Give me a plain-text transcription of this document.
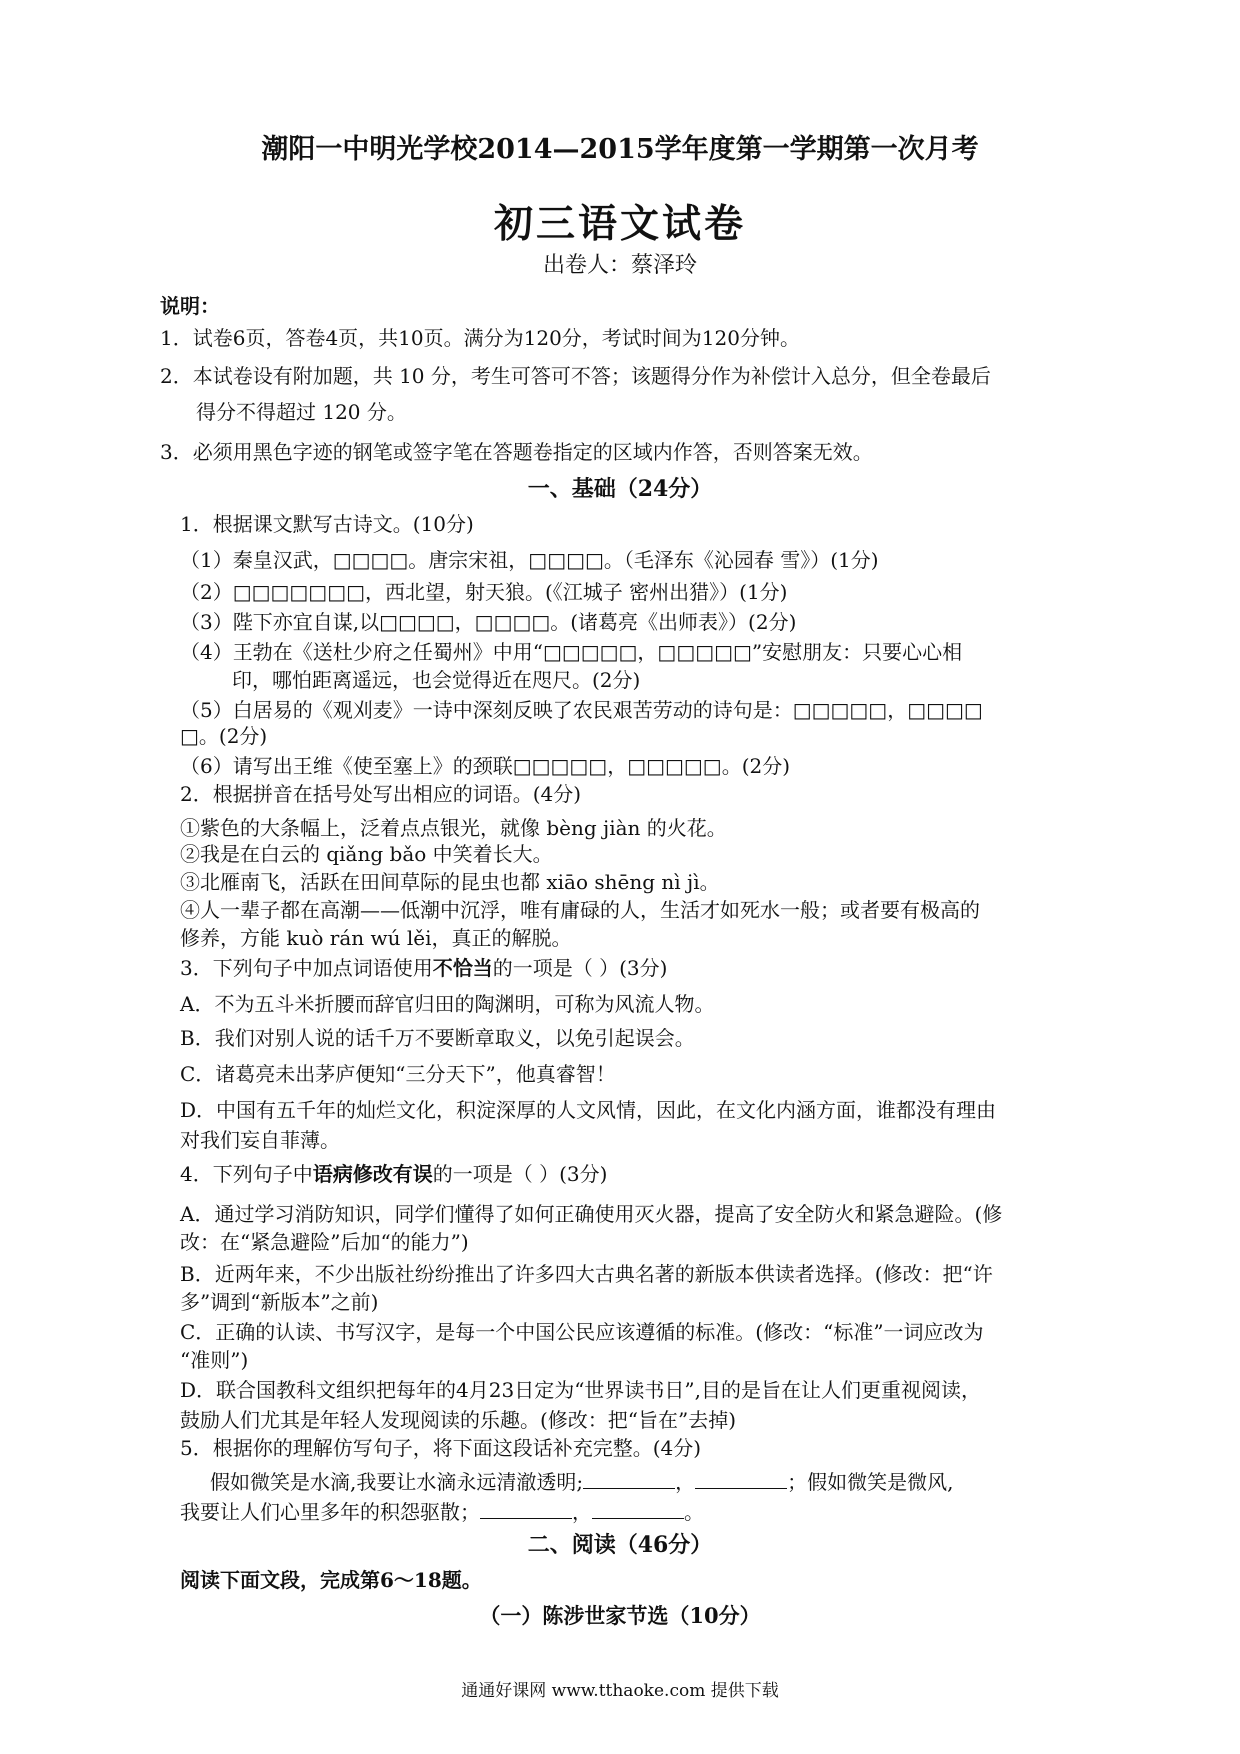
潮阳一中明光学校2014—2015学年度第一学期第一次月考
初三语文试卷
出卷人：蔡泽玲
说明：
1．试卷6页，答卷4页，共10页。满分为120分，考试时间为120分钟。
2．本试卷设有附加题，共 10 分，考生可答可不答；该题得分作为补偿计入总分，但全卷最后
得分不得超过 120 分。
3．必须用黑色字迹的钢笔或签字笔在答题卷指定的区域内作答，否则答案无效。
一、基础（24分）
1．根据课文默写古诗文。(10分)
（1）秦皇汉武，□□□□。唐宗宋祖，□□□□。（毛泽东《沁园春 雪》）(1分)
（2）□□□□□□□，西北望，射天狼。(《江城子 密州出猎》）(1分)
（3）陛下亦宜自谋,以□□□□，□□□□。(诸葛亮《出师表》）(2分)
（4）王勃在《送杜少府之任蜀州》中用“□□□□□，□□□□□”安慰朋友：只要心心相
印，哪怕距离遥远，也会觉得近在咫尺。(2分)
（5）白居易的《观刈麦》一诗中深刻反映了农民艰苦劳动的诗句是：□□□□□，□□□□
□。(2分)
（6）请写出王维《使至塞上》的颈联□□□□□，□□□□□。(2分)
2．根据拼音在括号处写出相应的词语。(4分)
①紫色的大条幅上，泛着点点银光，就像 bèng jiàn 的火花。
②我是在白云的 qiǎng bǎo 中笑着长大。
③北雁南飞，活跃在田间草际的昆虫也都 xiāo shēng nì jì。
④人一辈子都在高潮——低潮中沉浮，唯有庸碌的人，生活才如死水一般；或者要有极高的
修养，方能 kuò rán wú lěi，真正的解脱。
3．下列句子中加点词语使用不恰当的一项是（ ）(3分)
A．不为五斗米折腰而辞官归田的陶渊明，可称为风流人物。
B．我们对别人说的话千万不要断章取义，以免引起误会。
C．诸葛亮未出茅庐便知“三分天下”，他真睿智！
D．中国有五千年的灿烂文化，积淀深厚的人文风情，因此，在文化内涵方面，谁都没有理由
对我们妄自菲薄。
4．下列句子中语病修改有误的一项是（ ）(3分)
A．通过学习消防知识，同学们懂得了如何正确使用灭火器，提高了安全防火和紧急避险。(修
改：在“紧急避险”后加“的能力”)
B．近两年来，不少出版社纷纷推出了许多四大古典名著的新版本供读者选择。(修改：把“许
多”调到“新版本”之前)
C．正确的认读、书写汉字，是每一个中国公民应该遵循的标准。(修改：“标准”一词应改为
“准则”)
D．联合国教科文组织把每年的4月23日定为“世界读书日”,目的是旨在让人们更重视阅读，
鼓励人们尤其是年轻人发现阅读的乐趣。(修改：把“旨在”去掉)
5．根据你的理解仿写句子，将下面这段话补充完整。(4分)
假如微笑是水滴,我要让水滴永远清澈透明;	，	；假如微笑是微风,
我要让人们心里多年的积怨驱散；	，	。
二、阅读（46分）
阅读下面文段，完成第6～18题。
（一）陈涉世家节选（10分）
通通好课网 www.tthaoke.com 提供下载
